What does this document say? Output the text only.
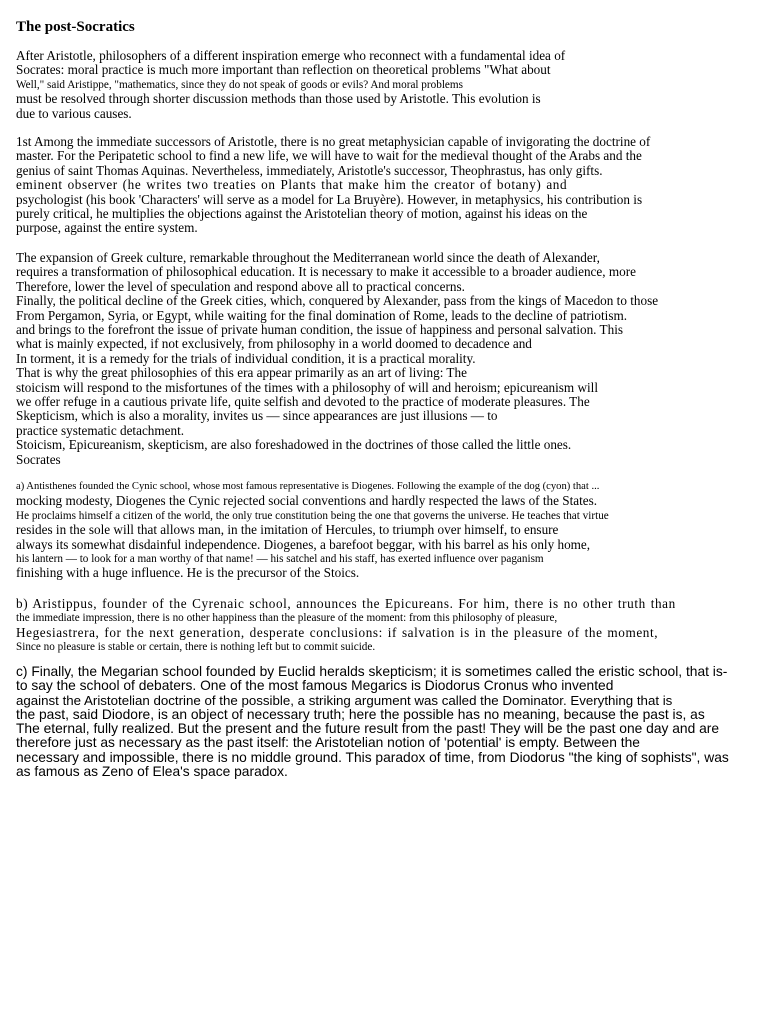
The post-Socratics
After Aristotle, philosophers of a different inspiration emerge who reconnect with a fundamental idea of
Socrates: moral practice is much more important than reflection on theoretical problems "What about
Well," said Aristippe, "mathematics, since they do not speak of goods or evils? And moral problems
must be resolved through shorter discussion methods than those used by Aristotle. This evolution is
due to various causes.
1st Among the immediate successors of Aristotle, there is no great metaphysician capable of invigorating the doctrine of
master. For the Peripatetic school to find a new life, we will have to wait for the medieval thought of the Arabs and the
genius of saint Thomas Aquinas. Nevertheless, immediately, Aristotle's successor, Theophrastus, has only gifts.
eminent observer (he writes two treaties on Plants that make him the creator of botany) and
psychologist (his book 'Characters' will serve as a model for La Bruyère). However, in metaphysics, his contribution is
purely critical, he multiplies the objections against the Aristotelian theory of motion, against his ideas on the
purpose, against the entire system.
The expansion of Greek culture, remarkable throughout the Mediterranean world since the death of Alexander,
requires a transformation of philosophical education. It is necessary to make it accessible to a broader audience, more
Therefore, lower the level of speculation and respond above all to practical concerns.
Finally, the political decline of the Greek cities, which, conquered by Alexander, pass from the kings of Macedon to those
From Pergamon, Syria, or Egypt, while waiting for the final domination of Rome, leads to the decline of patriotism.
and brings to the forefront the issue of private human condition, the issue of happiness and personal salvation. This
what is mainly expected, if not exclusively, from philosophy in a world doomed to decadence and
In torment, it is a remedy for the trials of individual condition, it is a practical morality.
That is why the great philosophies of this era appear primarily as an art of living: The
stoicism will respond to the misfortunes of the times with a philosophy of will and heroism; epicureanism will
we offer refuge in a cautious private life, quite selfish and devoted to the practice of moderate pleasures. The
Skepticism, which is also a morality, invites us — since appearances are just illusions — to
practice systematic detachment.
Stoicism, Epicureanism, skepticism, are also foreshadowed in the doctrines of those called the little ones.
Socrates
a) Antisthenes founded the Cynic school, whose most famous representative is Diogenes. Following the example of the dog (cyon) that ...
mocking modesty, Diogenes the Cynic rejected social conventions and hardly respected the laws of the States.
He proclaims himself a citizen of the world, the only true constitution being the one that governs the universe. He teaches that virtue
resides in the sole will that allows man, in the imitation of Hercules, to triumph over himself, to ensure
always its somewhat disdainful independence. Diogenes, a barefoot beggar, with his barrel as his only home,
his lantern — to look for a man worthy of that name! — his satchel and his staff, has exerted influence over paganism
finishing with a huge influence. He is the precursor of the Stoics.
b) Aristippus, founder of the Cyrenaic school, announces the Epicureans. For him, there is no other truth than
the immediate impression, there is no other happiness than the pleasure of the moment: from this philosophy of pleasure,
Hegesiastrera, for the next generation, desperate conclusions: if salvation is in the pleasure of the moment,
Since no pleasure is stable or certain, there is nothing left but to commit suicide.
c) Finally, the Megarian school founded by Euclid heralds skepticism; it is sometimes called the eristic school, that is-
to say the school of debaters. One of the most famous Megarics is Diodorus Cronus who invented
against the Aristotelian doctrine of the possible, a striking argument was called the Dominator. Everything that is
the past, said Diodore, is an object of necessary truth; here the possible has no meaning, because the past is, as
The eternal, fully realized. But the present and the future result from the past! They will be the past one day and are
therefore just as necessary as the past itself: the Aristotelian notion of 'potential' is empty. Between the
necessary and impossible, there is no middle ground. This paradox of time, from Diodorus "the king of sophists", was
as famous as Zeno of Elea's space paradox.
